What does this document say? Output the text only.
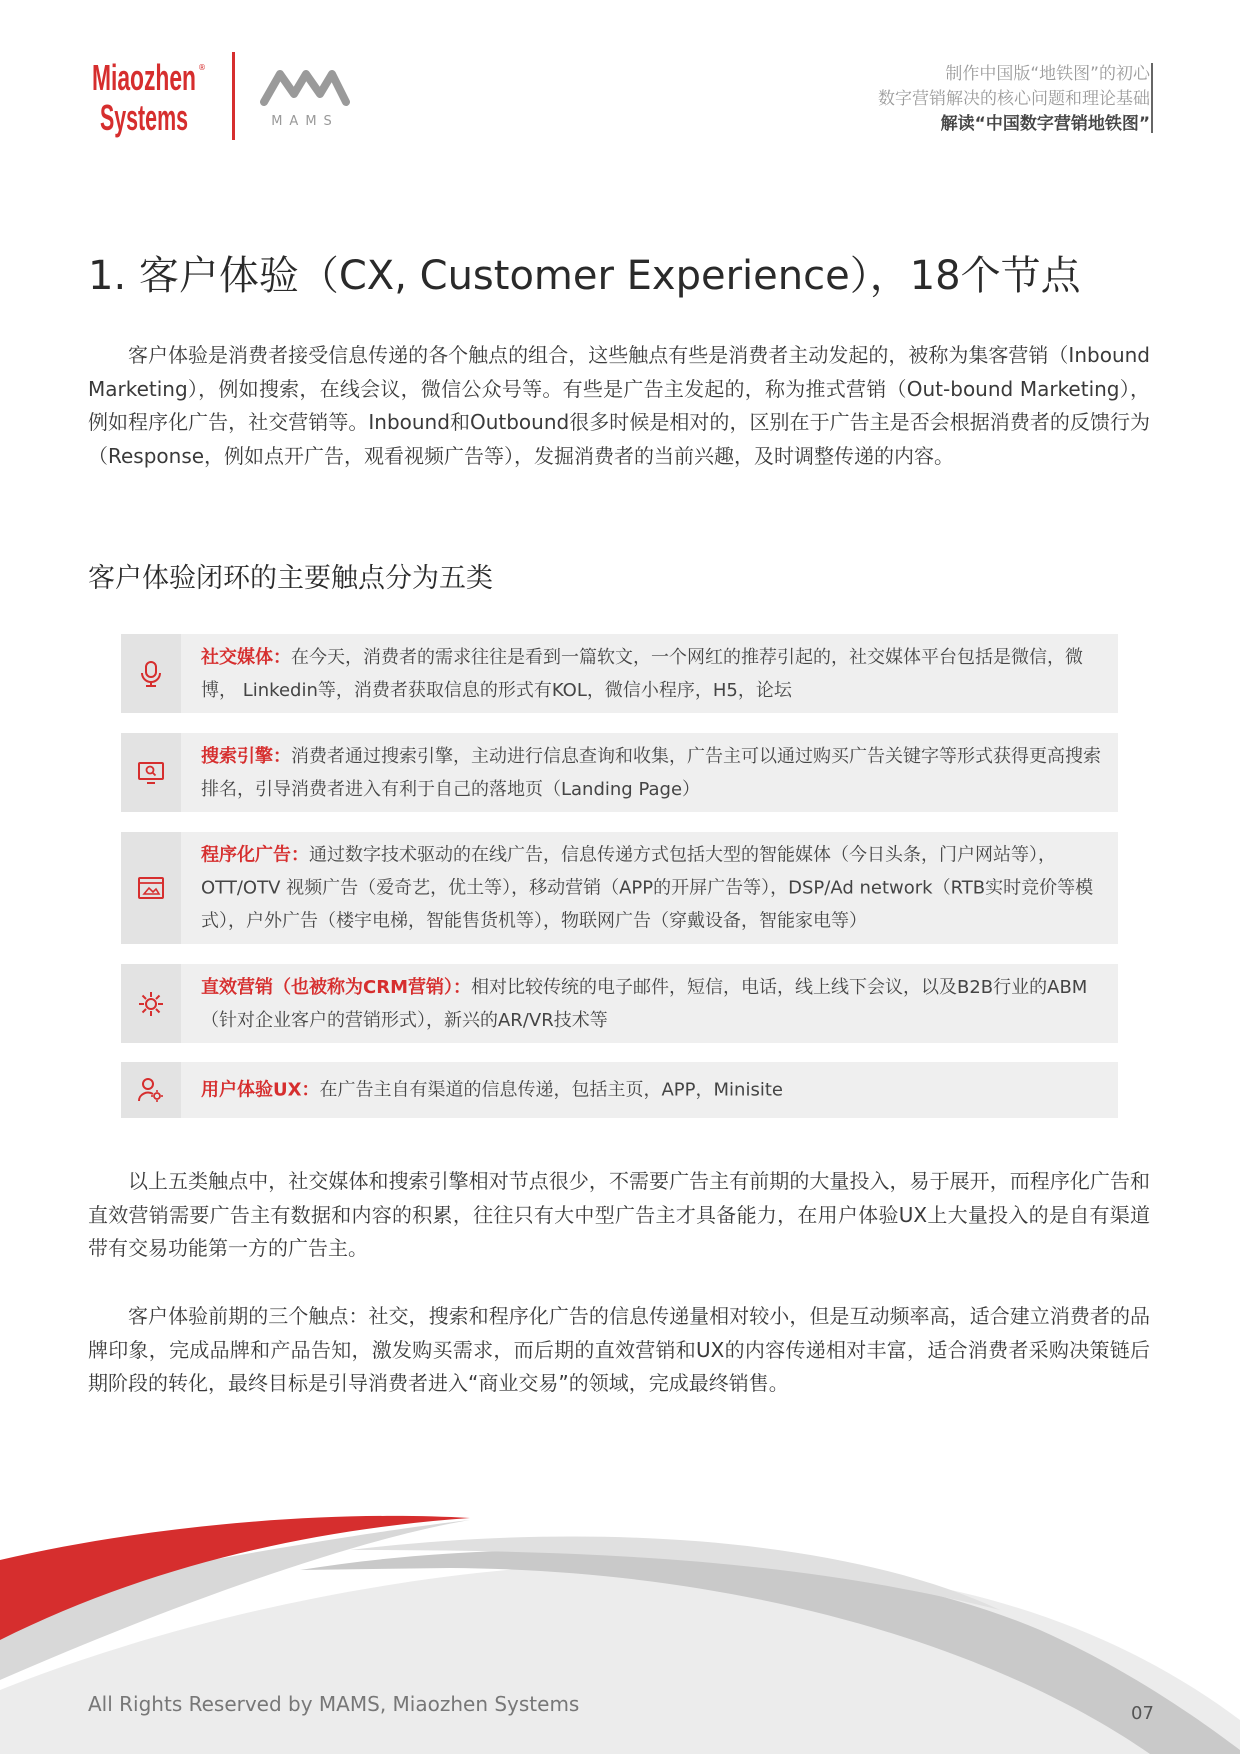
Miaozhen ®
Systems	MAMS
制作中国版“地铁图”的初心
数字营销解决的核心问题和理论基础
解读“中国数字营销地铁图”
1. 客户体验（CX, Customer Experience），18个节点
客户体验是消费者接受信息传递的各个触点的组合，这些触点有些是消费者主动发起的，被称为集客营销（Inbound Marketing），例如搜索，在线会议，微信公众号等。有些是广告主发起的，称为推式营销（Out-bound Marketing），例如程序化广告，社交营销等。Inbound和Outbound很多时候是相对的，区别在于广告主是否会根据消费者的反馈行为（Response，例如点开广告，观看视频广告等），发掘消费者的当前兴趣，及时调整传递的内容。
客户体验闭环的主要触点分为五类
社交媒体：在今天，消费者的需求往往是看到一篇软文，一个网红的推荐引起的，社交媒体平台包括是微信，微博， Linkedin等，消费者获取信息的形式有KOL，微信小程序，H5，论坛
搜索引擎：消费者通过搜索引擎，主动进行信息查询和收集，广告主可以通过购买广告关键字等形式获得更高搜索排名，引导消费者进入有利于自己的落地页（Landing Page）
程序化广告：通过数字技术驱动的在线广告，信息传递方式包括大型的智能媒体（今日头条，门户网站等），OTT/OTV 视频广告（爱奇艺，优土等），移动营销（APP的开屏广告等），DSP/Ad network（RTB实时竞价等模式），户外广告（楼宇电梯，智能售货机等），物联网广告（穿戴设备，智能家电等）
直效营销（也被称为CRM营销）：相对比较传统的电子邮件，短信，电话，线上线下会议，以及B2B行业的ABM（针对企业客户的营销形式），新兴的AR/VR技术等
用户体验UX：在广告主自有渠道的信息传递，包括主页，APP，Minisite
以上五类触点中，社交媒体和搜索引擎相对节点很少，不需要广告主有前期的大量投入，易于展开，而程序化广告和直效营销需要广告主有数据和内容的积累，往往只有大中型广告主才具备能力，在用户体验UX上大量投入的是自有渠道带有交易功能第一方的广告主。
客户体验前期的三个触点：社交，搜索和程序化广告的信息传递量相对较小，但是互动频率高，适合建立消费者的品牌印象，完成品牌和产品告知，激发购买需求，而后期的直效营销和UX的内容传递相对丰富，适合消费者采购决策链后期阶段的转化，最终目标是引导消费者进入“商业交易”的领域，完成最终销售。
All Rights Reserved by MAMS, Miaozhen Systems	07
